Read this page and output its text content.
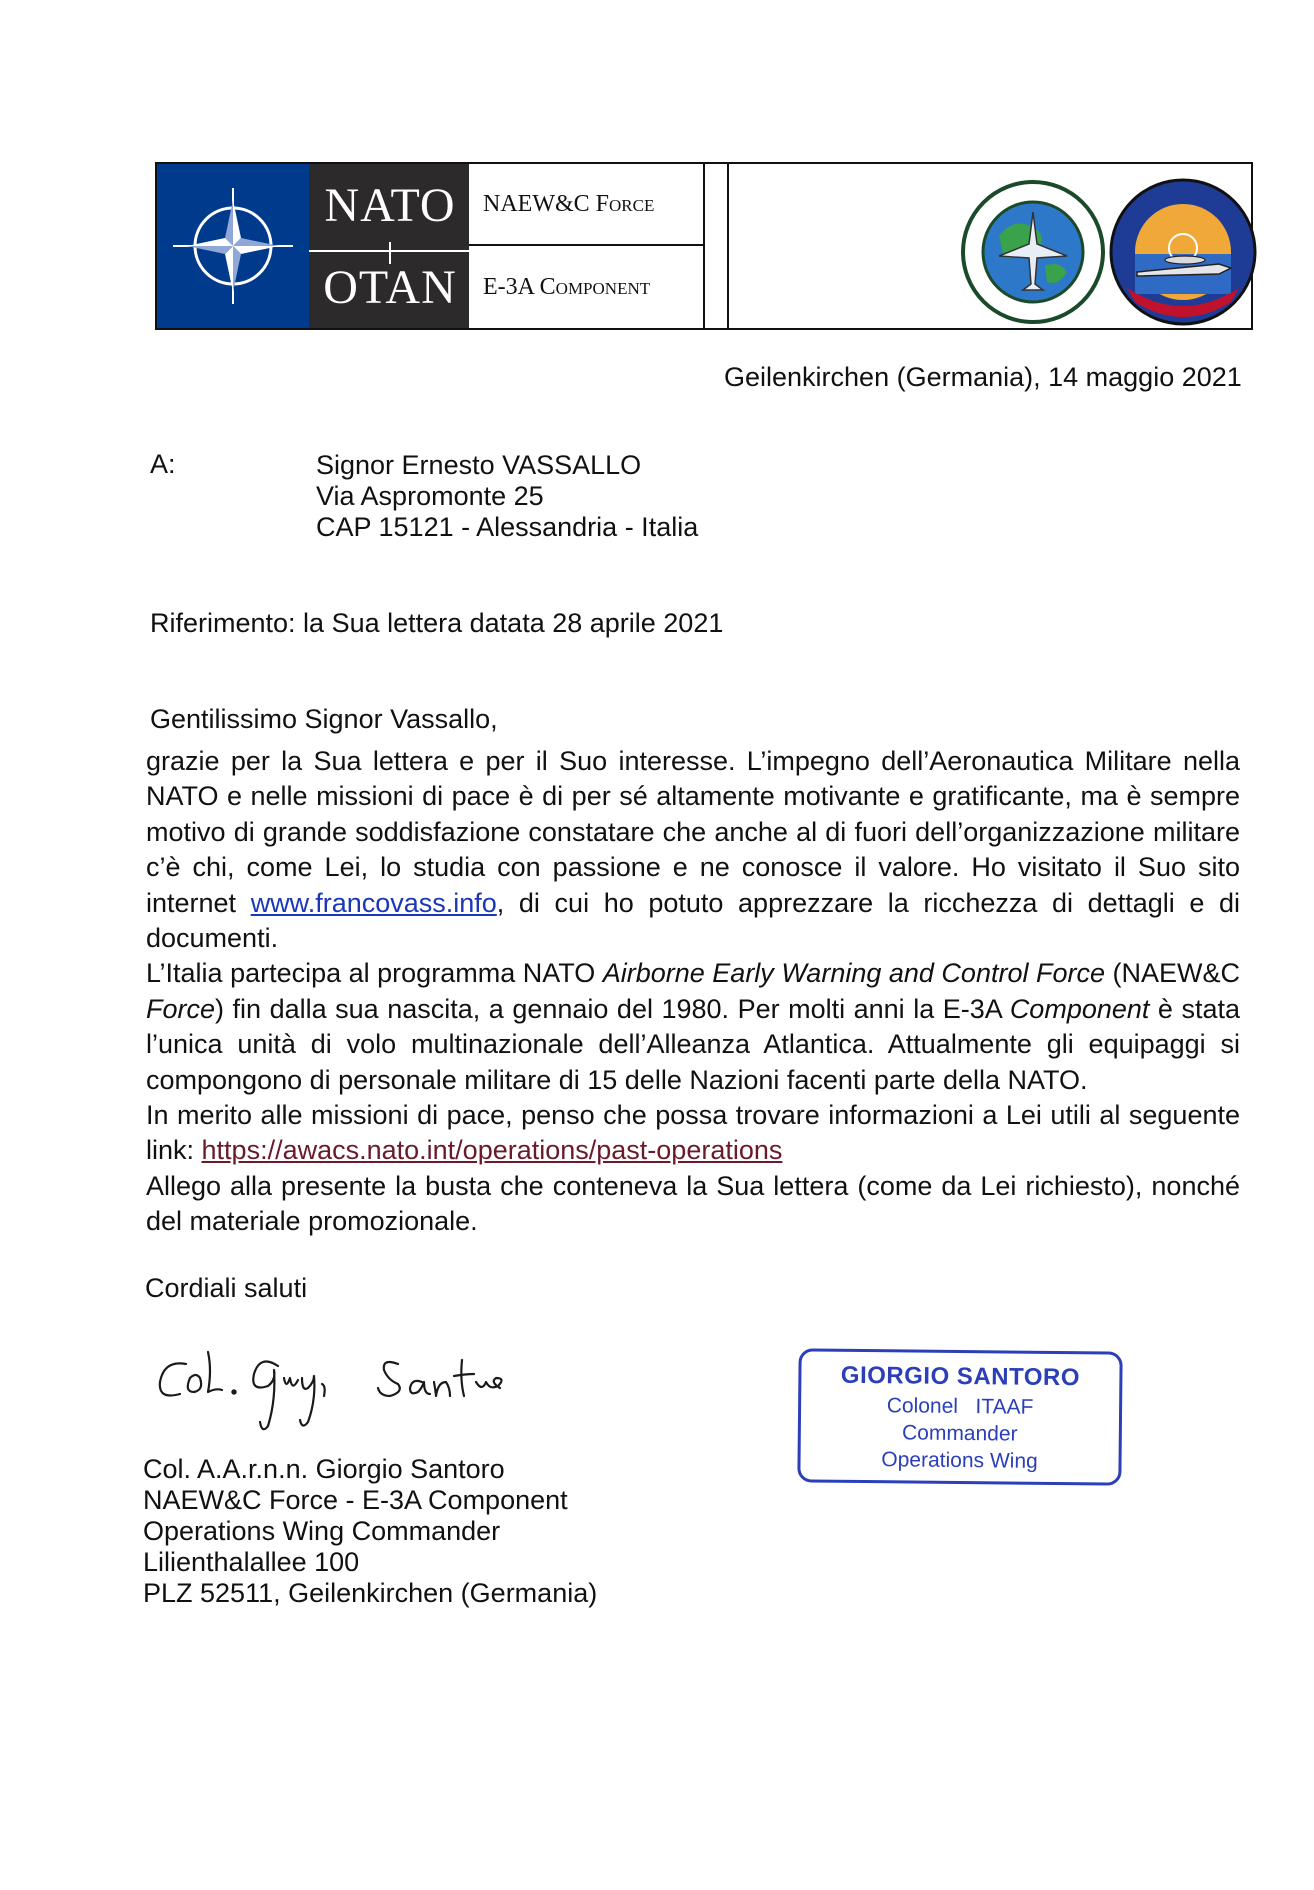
NATO
OTAN
NAEW&C Force
E-3A Component
Geilenkirchen (Germania), 14 maggio 2021
A:	Signor Ernesto VASSALLO
Via Aspromonte 25
CAP 15121 - Alessandria - Italia
Riferimento: la Sua lettera datata 28 aprile 2021
Gentilissimo Signor Vassallo,

grazie per la Sua lettera e per il Suo interesse. L’impegno dell’Aeronautica Militare nella NATO e nelle missioni di pace è di per sé altamente motivante e gratificante, ma è sempre motivo di grande soddisfazione constatare che anche al di fuori dell’organizzazione militare c’è chi, come Lei, lo studia con passione e ne conosce il valore. Ho visitato il Suo sito internet www.francovass.info, di cui ho potuto apprezzare la ricchezza di dettagli e di documenti.

L’Italia partecipa al programma NATO Airborne Early Warning and Control Force (NAEW&C Force) fin dalla sua nascita, a gennaio del 1980. Per molti anni la E-3A Component è stata l’unica unità di volo multinazionale dell’Alleanza Atlantica. Attualmente gli equipaggi si compongono di personale militare di 15 delle Nazioni facenti parte della NATO.

In merito alle missioni di pace, penso che possa trovare informazioni a Lei utili al seguente link: https://awacs.nato.int/operations/past-operations

Allego alla presente la busta che conteneva la Sua lettera (come da Lei richiesto), nonché del materiale promozionale.

Cordiali saluti
Col. A.A.r.n.n. Giorgio Santoro
NAEW&C Force - E-3A Component
Operations Wing Commander
Lilienthalallee 100
PLZ 52511, Geilenkirchen (Germania)
GIORGIO SANTORO
Colonel   ITAAF
Commander
Operations Wing
